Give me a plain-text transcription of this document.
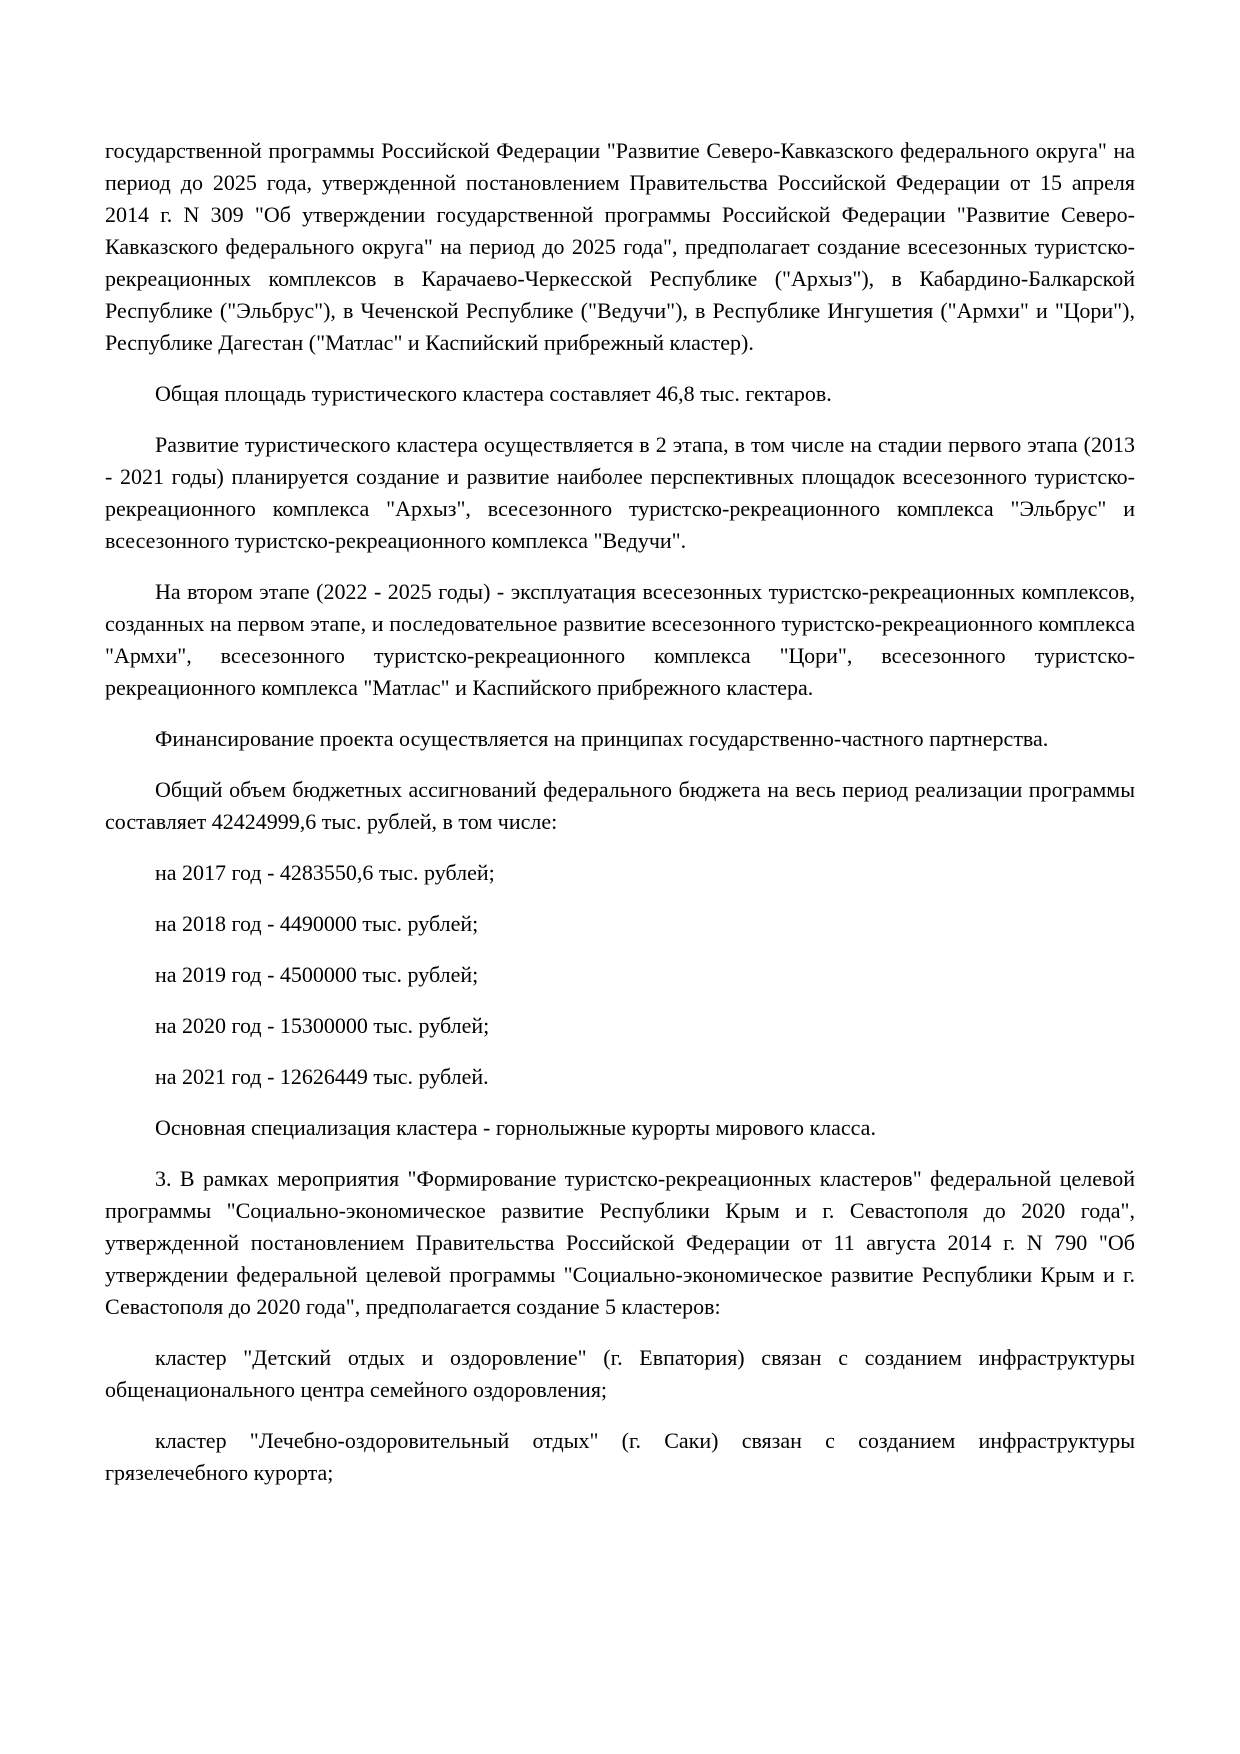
государственной программы Российской Федерации "Развитие Северо-Кавказского федерального округа" на период до 2025 года, утвержденной постановлением Правительства Российской Федерации от 15 апреля 2014 г. N 309 "Об утверждении государственной программы Российской Федерации "Развитие Северо-Кавказского федерального округа" на период до 2025 года", предполагает создание всесезонных туристско-рекреационных комплексов в Карачаево-Черкесской Республике ("Архыз"), в Кабардино-Балкарской Республике ("Эльбрус"), в Чеченской Республике ("Ведучи"), в Республике Ингушетия ("Армхи" и "Цори"), Республике Дагестан ("Матлас" и Каспийский прибрежный кластер).

Общая площадь туристического кластера составляет 46,8 тыс. гектаров.

Развитие туристического кластера осуществляется в 2 этапа, в том числе на стадии первого этапа (2013 - 2021 годы) планируется создание и развитие наиболее перспективных площадок всесезонного туристско-рекреационного комплекса "Архыз", всесезонного туристско-рекреационного комплекса "Эльбрус" и всесезонного туристско-рекреационного комплекса "Ведучи".

На втором этапе (2022 - 2025 годы) - эксплуатация всесезонных туристско-рекреационных комплексов, созданных на первом этапе, и последовательное развитие всесезонного туристско-рекреационного комплекса "Армхи", всесезонного туристско-рекреационного комплекса "Цори", всесезонного туристско-рекреационного комплекса "Матлас" и Каспийского прибрежного кластера.

Финансирование проекта осуществляется на принципах государственно-частного партнерства.

Общий объем бюджетных ассигнований федерального бюджета на весь период реализации программы составляет 42424999,6 тыс. рублей, в том числе:

на 2017 год - 4283550,6 тыс. рублей;

на 2018 год - 4490000 тыс. рублей;

на 2019 год - 4500000 тыс. рублей;

на 2020 год - 15300000 тыс. рублей;

на 2021 год - 12626449 тыс. рублей.

Основная специализация кластера - горнолыжные курорты мирового класса.

3. В рамках мероприятия "Формирование туристско-рекреационных кластеров" федеральной целевой программы "Социально-экономическое развитие Республики Крым и г. Севастополя до 2020 года", утвержденной постановлением Правительства Российской Федерации от 11 августа 2014 г. N 790 "Об утверждении федеральной целевой программы "Социально-экономическое развитие Республики Крым и г. Севастополя до 2020 года", предполагается создание 5 кластеров:

кластер "Детский отдых и оздоровление" (г. Евпатория) связан с созданием инфраструктуры общенационального центра семейного оздоровления;

кластер "Лечебно-оздоровительный отдых" (г. Саки) связан с созданием инфраструктуры грязелечебного курорта;
